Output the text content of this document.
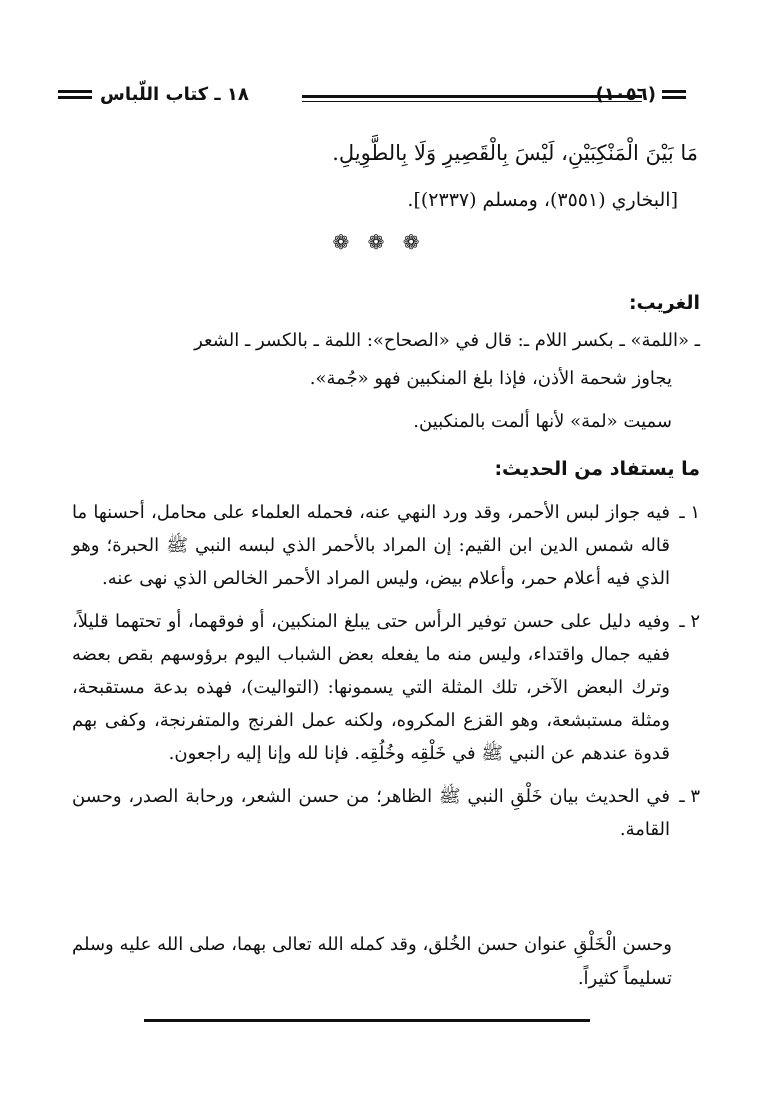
١٨ ـ كتاب اللّباس	(١٠٥٦)
مَا بَيْنَ الْمَنْكِبَيْنِ، لَيْسَ بِالْقَصِيرِ وَلَا بِالطَّوِيلِ.
[البخاري (٣٥٥١)، ومسلم (٢٣٣٧)].
❁ ❁ ❁
الغريب:
ـ «اللمة» ـ بكسر اللام ـ: قال في «الصحاح»: اللمة ـ بالكسر ـ الشعر
يجاوز شحمة الأذن، فإذا بلغ المنكبين فهو «جُمة».
سميت «لمة» لأنها ألمت بالمنكبين.
ما يستفاد من الحديث:
١ ـ
فيه جواز لبس الأحمر، وقد ورد النهي عنه، فحمله العلماء على محامل، أحسنها ما قاله شمس الدين ابن القيم: إن المراد بالأحمر الذي لبسه النبي ﷺ الحبرة؛ وهو الذي فيه أعلام حمر، وأعلام بيض، وليس المراد الأحمر الخالص الذي نهى عنه.
٢ ـ
وفيه دليل على حسن توفير الرأس حتى يبلغ المنكبين، أو فوقهما، أو تحتهما قليلاً، ففيه جمال واقتداء، وليس منه ما يفعله بعض الشباب اليوم برؤوسهم بقص بعضه وترك البعض الآخر، تلك المثلة التي يسمونها: (التواليت)، فهذه بدعة مستقبحة، ومثلة مستبشعة، وهو القزع المكروه، ولكنه عمل الفرنج والمتفرنجة، وكفى بهم قدوة عندهم عن النبي ﷺ في خَلْقِه وخُلُقِه. فإنا لله وإنا إليه راجعون.
٣ ـ
في الحديث بيان خَلْقِ النبي ﷺ الظاهر؛ من حسن الشعر، ورحابة الصدر، وحسن القامة.
وحسن الْخَلْقِ عنوان حسن الخُلق، وقد كمله الله تعالى بهما، صلى الله عليه وسلم تسليماً كثيراً.
